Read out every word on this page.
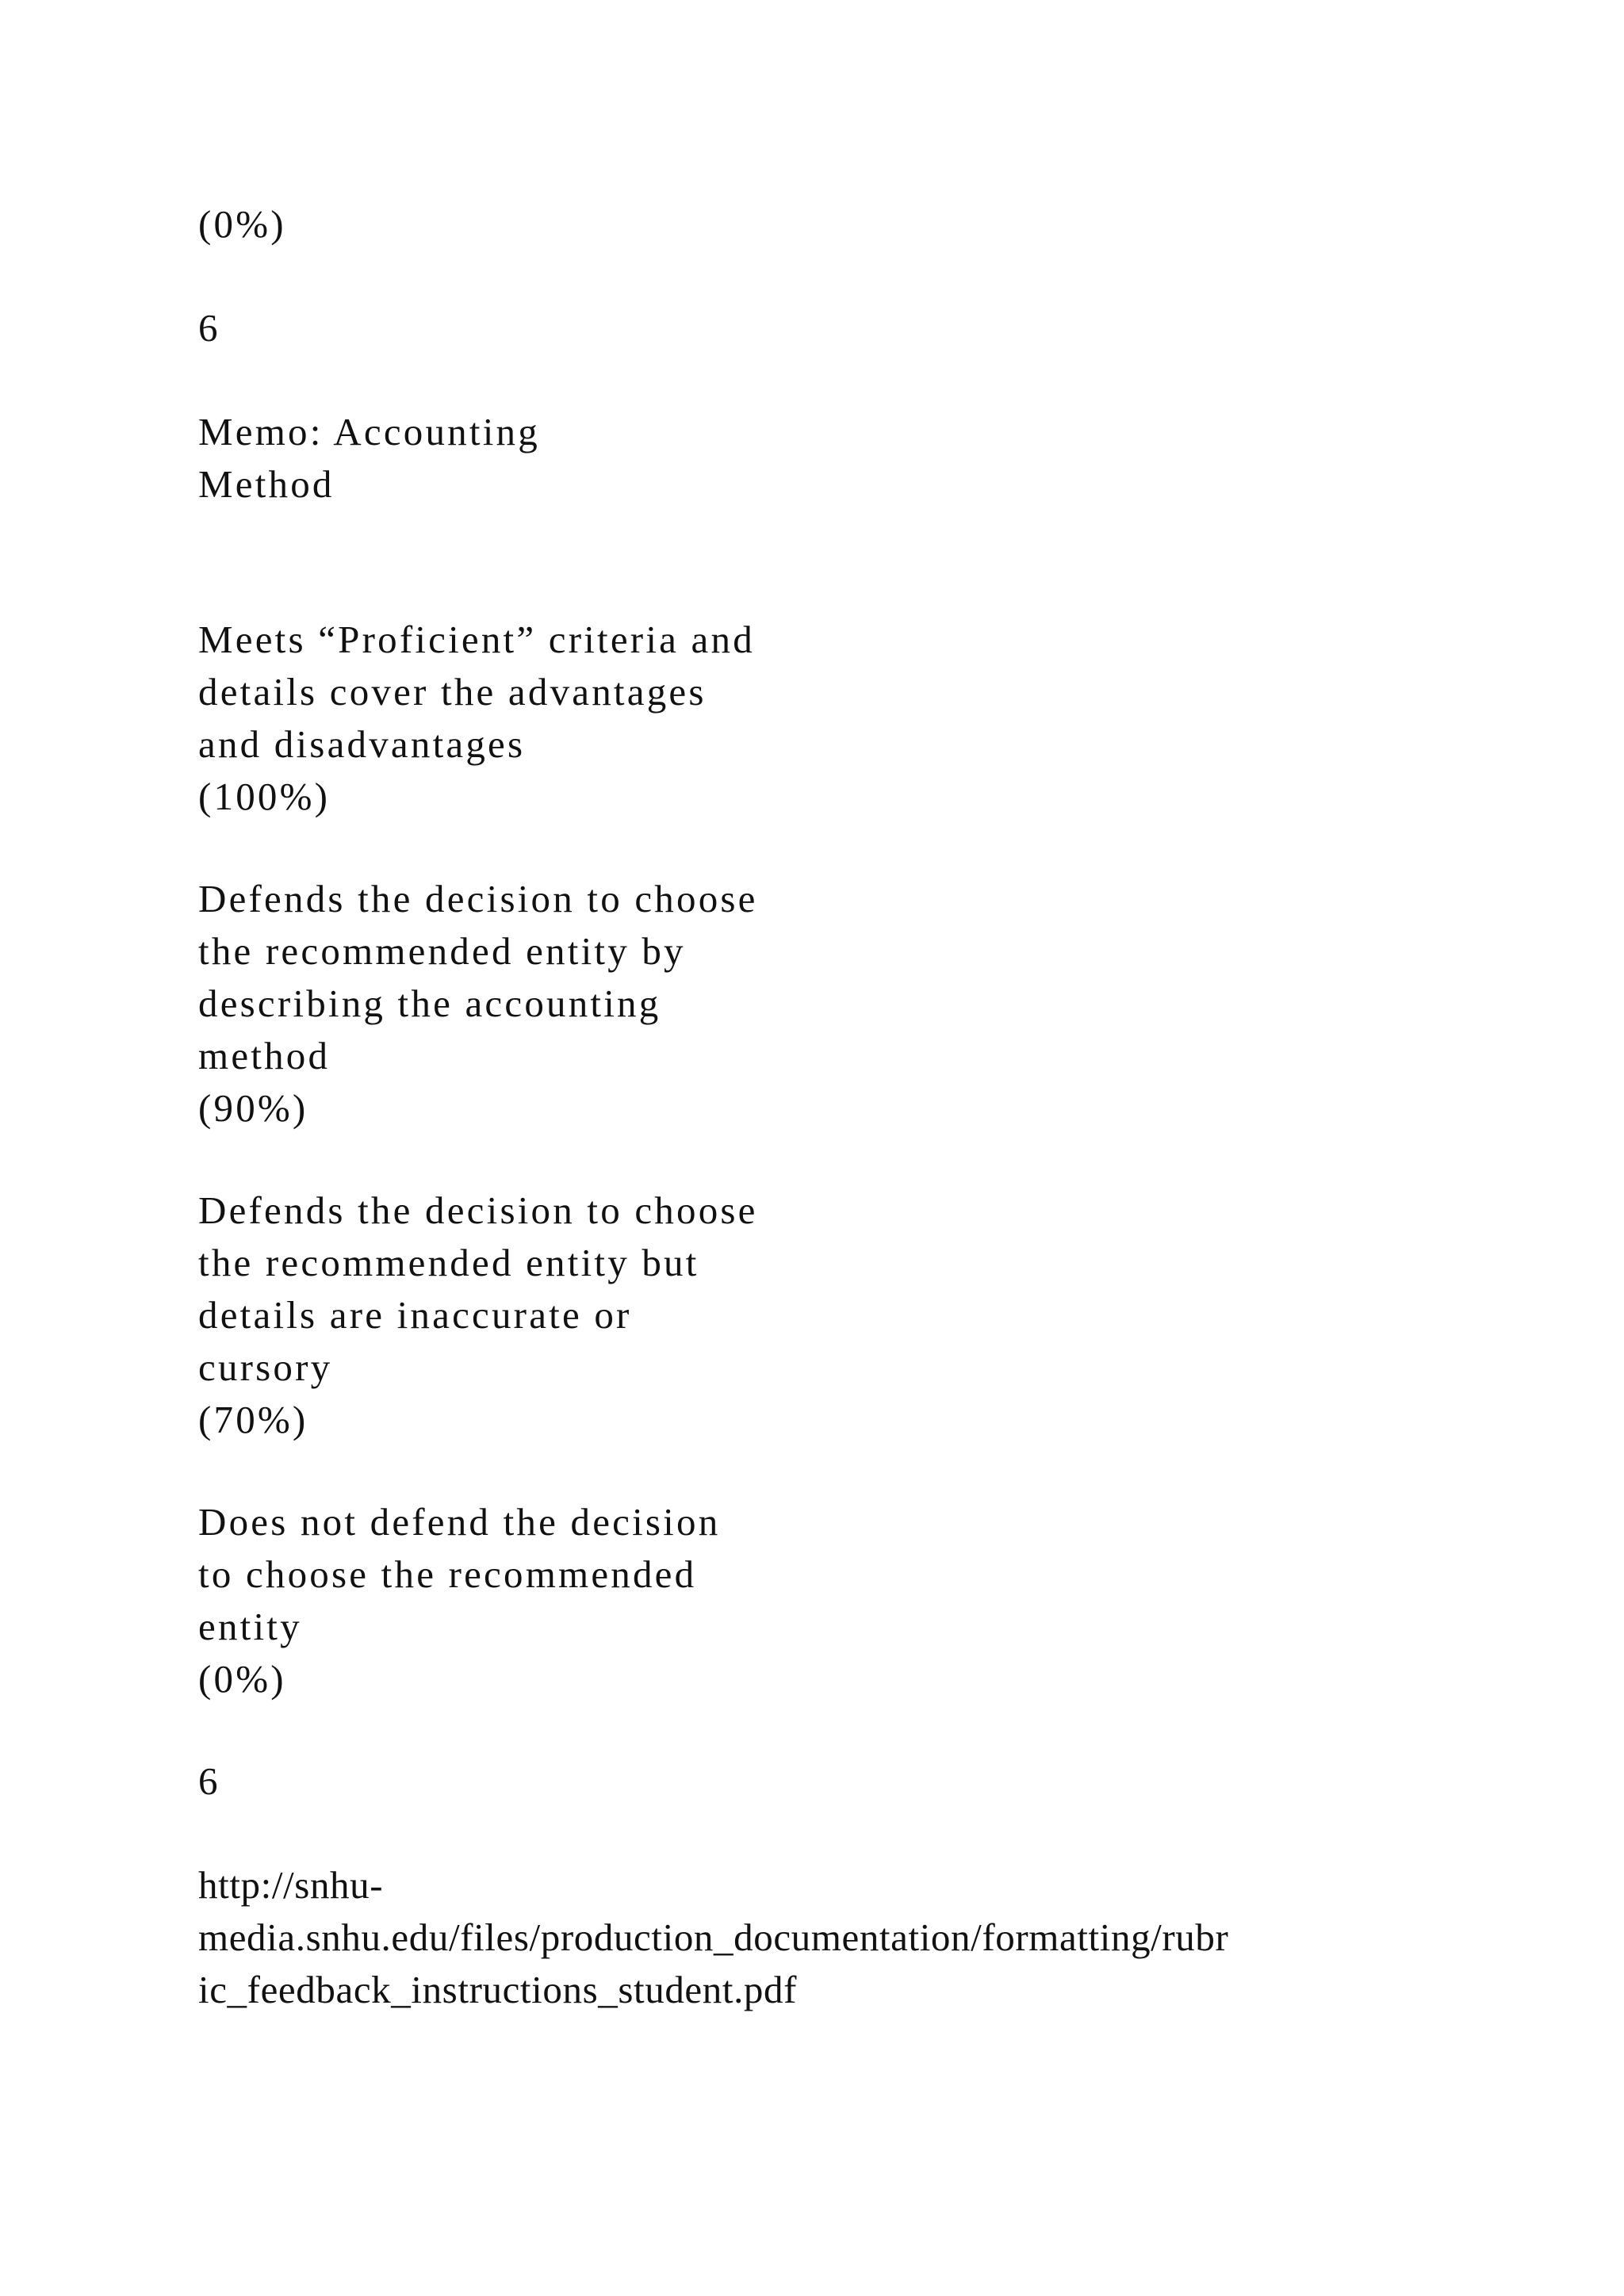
(0%)

6

Memo: Accounting
Method

Meets “Proficient” criteria and
details cover the advantages
and disadvantages
(100%)

Defends the decision to choose
the recommended entity by
describing the accounting
method
(90%)

Defends the decision to choose
the recommended entity but
details are inaccurate or
cursory
(70%)

Does not defend the decision
to choose the recommended
entity
(0%)

6

http://snhu-
media.snhu.edu/files/production_documentation/formatting/rubr
ic_feedback_instructions_student.pdf
